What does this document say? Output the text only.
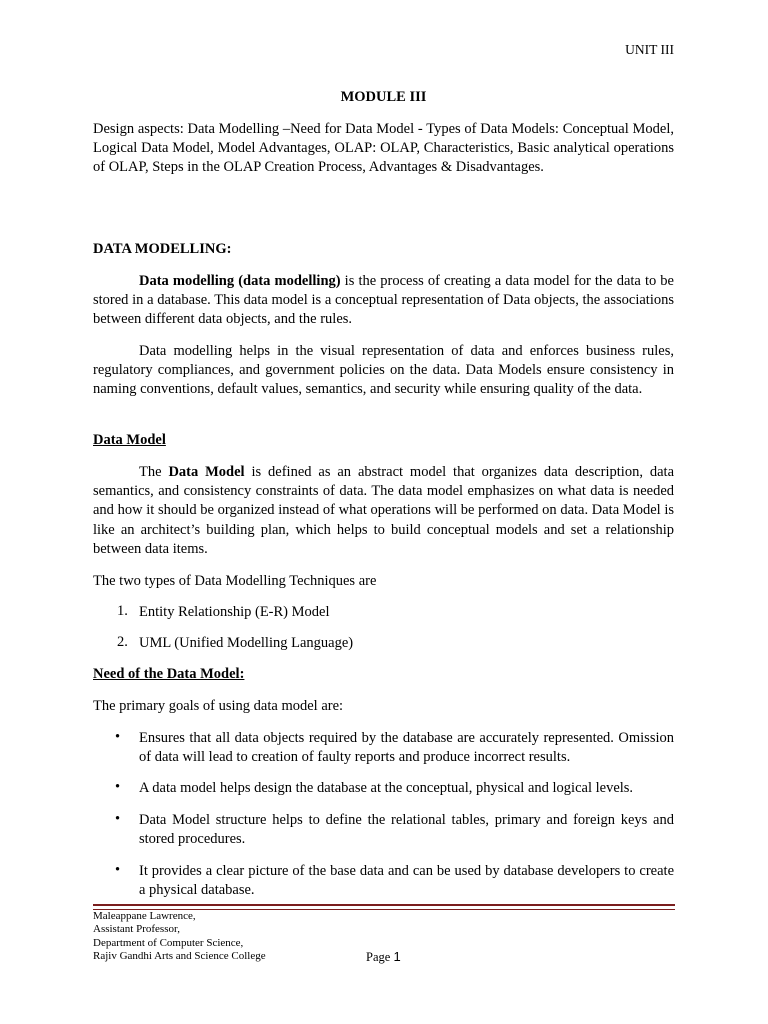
UNIT III
MODULE III
Design aspects: Data Modelling –Need for Data Model - Types of Data Models: Conceptual Model, Logical Data Model, Model Advantages, OLAP: OLAP, Characteristics, Basic analytical operations of OLAP, Steps in the OLAP Creation Process, Advantages & Disadvantages.
DATA MODELLING:
Data modelling (data modelling) is the process of creating a data model for the data to be stored in a database. This data model is a conceptual representation of Data objects, the associations between different data objects, and the rules.
Data modelling helps in the visual representation of data and enforces business rules, regulatory compliances, and government policies on the data. Data Models ensure consistency in naming conventions, default values, semantics, and security while ensuring quality of the data.
Data Model
The Data Model is defined as an abstract model that organizes data description, data semantics, and consistency constraints of data. The data model emphasizes on what data is needed and how it should be organized instead of what operations will be performed on data. Data Model is like an architect’s building plan, which helps to build conceptual models and set a relationship between data items.
The two types of Data Modelling Techniques are
1. Entity Relationship (E-R) Model
2. UML (Unified Modelling Language)
Need of the Data Model:
The primary goals of using data model are:
• Ensures that all data objects required by the database are accurately represented. Omission of data will lead to creation of faulty reports and produce incorrect results.
• A data model helps design the database at the conceptual, physical and logical levels.
• Data Model structure helps to define the relational tables, primary and foreign keys and stored procedures.
• It provides a clear picture of the base data and can be used by database developers to create a physical database.
Maleappane Lawrence,
Assistant Professor,
Department of Computer Science,
Rajiv Gandhi Arts and Science College	Page 1
